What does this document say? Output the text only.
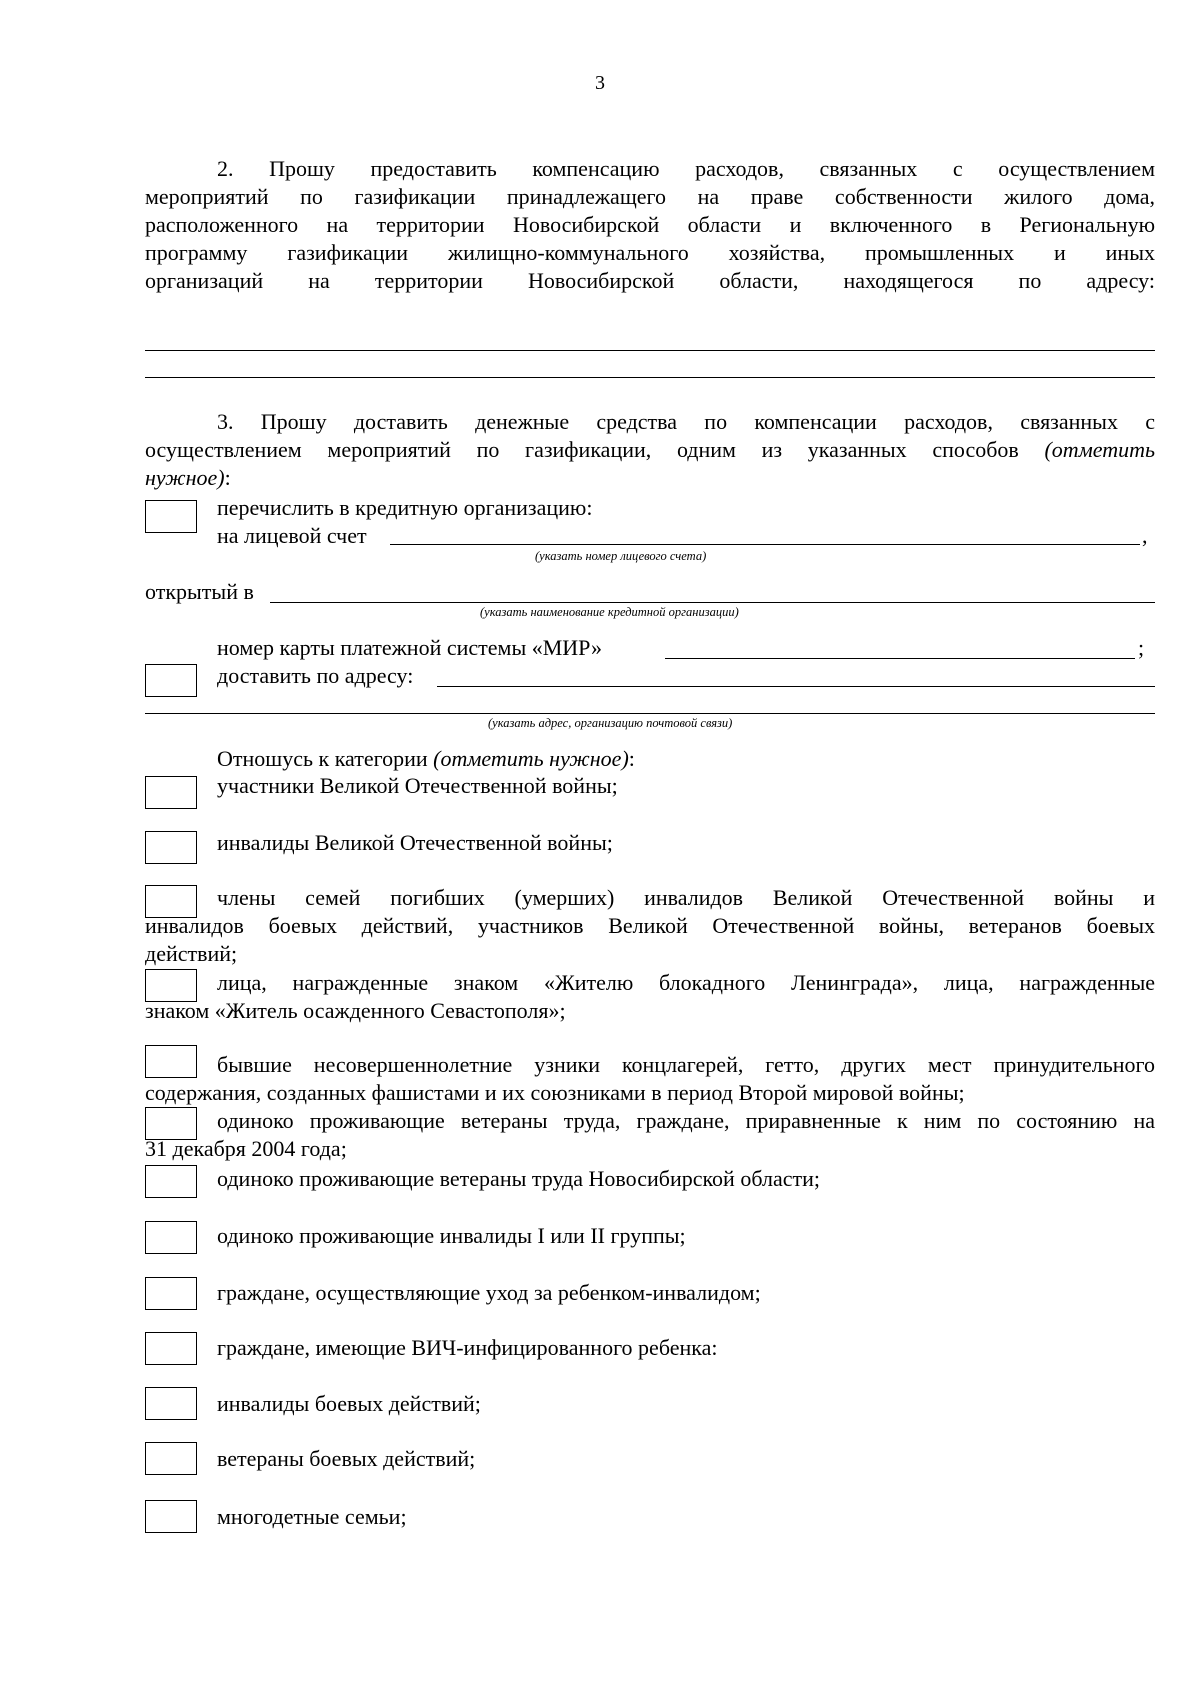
3
2. Прошу предоставить компенсацию расходов, связанных с осуществлением
мероприятий по газификации принадлежащего на праве собственности жилого дома,
расположенного на территории Новосибирской области и включенного в Региональную
программу газификации жилищно-коммунального хозяйства, промышленных и иных
организаций на территории Новосибирской области, находящегося по адресу:
3. Прошу доставить денежные средства по компенсации расходов, связанных с
осуществлением мероприятий по газификации, одним из указанных способов (отметить
нужное):
перечислить в кредитную организацию:
на лицевой счет	,
(указать номер лицевого счета)
открытый в
(указать наименование кредитной организации)
номер карты платежной системы «МИР»	;
доставить по адресу:
(указать адрес, организацию почтовой связи)
Отношусь к категории (отметить нужное):
участники Великой Отечественной войны;
инвалиды Великой Отечественной войны;
члены семей погибших (умерших) инвалидов Великой Отечественной войны и
инвалидов боевых действий, участников Великой Отечественной войны, ветеранов боевых
действий;
лица, награжденные знаком «Жителю блокадного Ленинграда», лица, награжденные
знаком «Житель осажденного Севастополя»;
бывшие несовершеннолетние узники концлагерей, гетто, других мест принудительного
содержания, созданных фашистами и их союзниками в период Второй мировой войны;
одиноко проживающие ветераны труда, граждане, приравненные к ним по состоянию на
31 декабря 2004 года;
одиноко проживающие ветераны труда Новосибирской области;
одиноко проживающие инвалиды I или II группы;
граждане, осуществляющие уход за ребенком-инвалидом;
граждане, имеющие ВИЧ-инфицированного ребенка:
инвалиды боевых действий;
ветераны боевых действий;
многодетные семьи;
